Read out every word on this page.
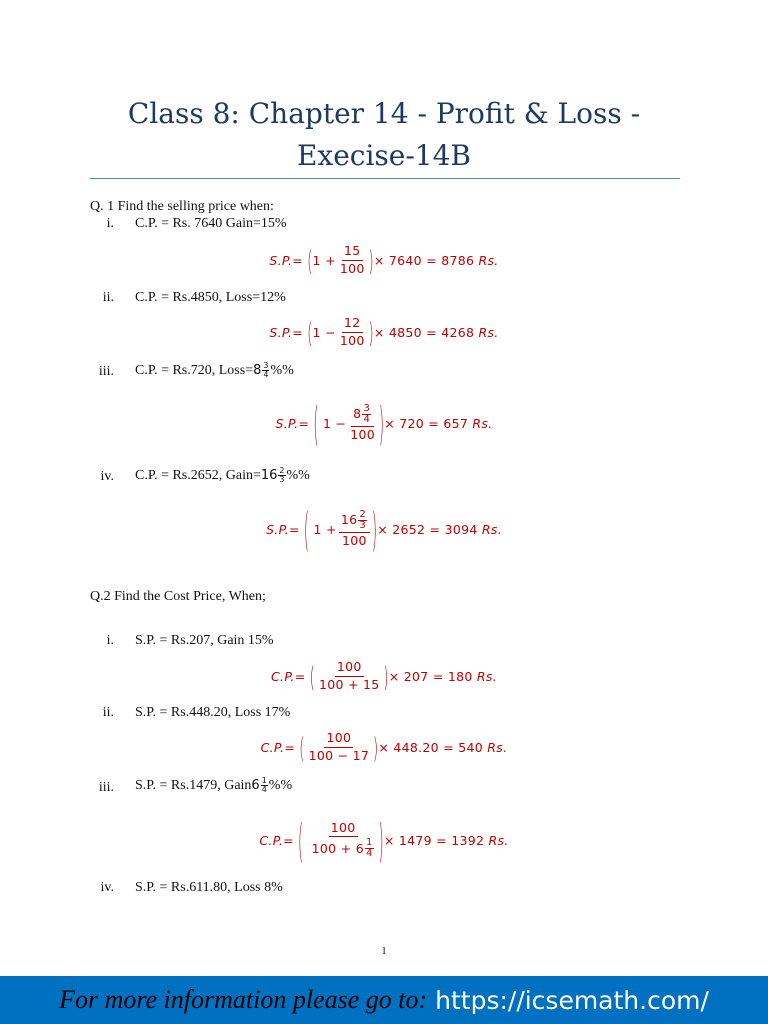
Class 8: Chapter 14 - Profit & Loss -
Execise-14B
Q. 1 Find the selling price when:
i. C.P. = Rs. 7640 Gain=15%
S.P.=
( 1
+ $\frac{15}{100}$ ) × 7640 = 8786
Rs.
ii. C.P. = Rs.4850, Loss=12%
S.P.=
( 1
− $\frac{12}{100}$ ) × 4850 = 4268
Rs.
iii. C.P. = Rs.720, Loss= $8 \frac{3}{4}$ %%
S.P.=
(
1
− $\frac{8 \frac{3}{4}}{100}$ ) × 720 = 657
Rs.
iv. C.P. = Rs.2652, Gain= $16 \frac{2}{3}$ %%
S.P.=
(
1
+ $\frac{16 \frac{2}{3}}{100}$ ) × 2652 = 3094
Rs.
Q.2 Find the Cost Price, When;
i. S.P. = Rs.207, Gain 15%
C.P.=
( $\frac{100}{100 + 15}$ ) × 207 = 180
Rs.
ii. S.P. = Rs.448.20, Loss 17%
C.P.=
( $\frac{100}{100 - 17}$ ) × 448.20 = 540
Rs.
iii. S.P. = Rs.1479, Gain $6 \frac{1}{4}$ %%
C.P.=
(
$\frac{100}{100 + 6 \frac{1}{4}}$ ) × 1479 = 1392
Rs.
iv. S.P. = Rs.611.80, Loss 8%
1
For more information please go to: https://icsemath.com/
